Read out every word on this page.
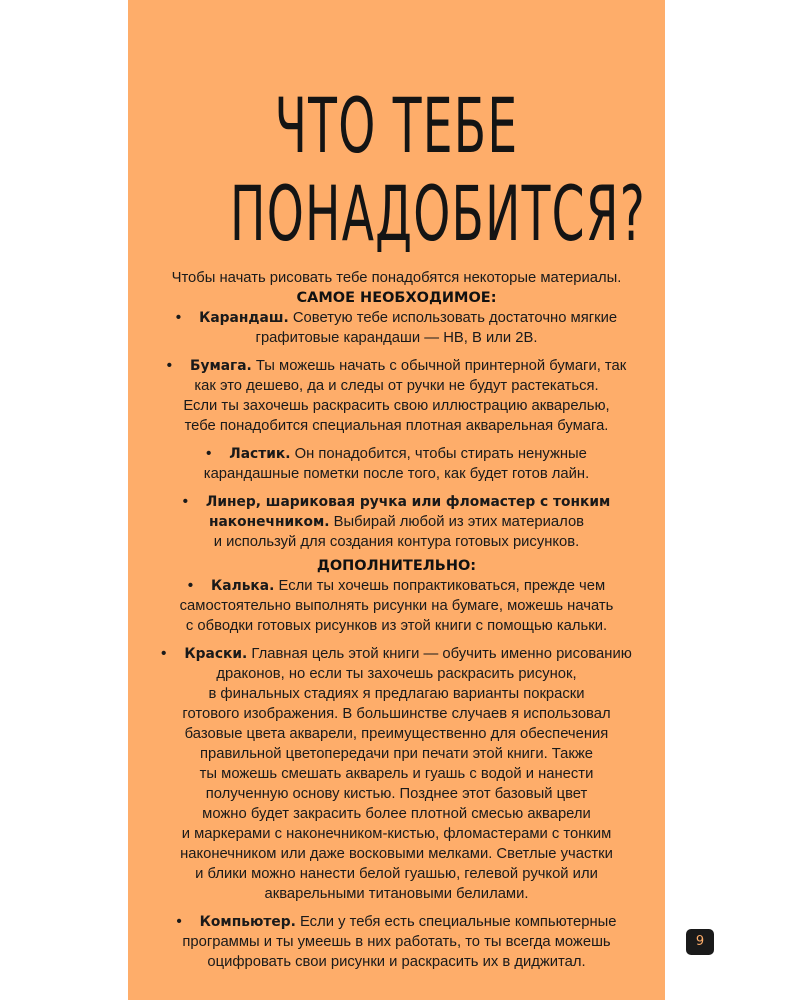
ЧТО ТЕБЕ
ПОНАДОБИТСЯ?

Чтобы начать рисовать тебе понадобятся некоторые материалы.

САМОЕ НЕОБХОДИМОЕ:

• Карандаш. Советую тебе использовать достаточно мягкие
графитовые карандаши — HB, B или 2B.
• Бумага. Ты можешь начать с обычной принтерной бумаги, так
как это дешево, да и следы от ручки не будут растекаться.
Если ты захочешь раскрасить свою иллюстрацию акварелью,
тебе понадобится специальная плотная акварельная бумага.
• Ластик. Он понадобится, чтобы стирать ненужные
карандашные пометки после того, как будет готов лайн.
• Линер, шариковая ручка или фломастер с тонким
наконечником. Выбирай любой из этих материалов
и используй для создания контура готовых рисунков.

ДОПОЛНИТЕЛЬНО:

• Калька. Если ты хочешь попрактиковаться, прежде чем
самостоятельно выполнять рисунки на бумаге, можешь начать
с обводки готовых рисунков из этой книги с помощью кальки.
• Краски. Главная цель этой книги — обучить именно рисованию
драконов, но если ты захочешь раскрасить рисунок,
в финальных стадиях я предлагаю варианты покраски
готового изображения. В большинстве случаев я использовал
базовые цвета акварели, преимущественно для обеспечения
правильной цветопередачи при печати этой книги. Также
ты можешь смешать акварель и гуашь с водой и нанести
полученную основу кистью. Позднее этот базовый цвет
можно будет закрасить более плотной смесью акварели
и маркерами с наконечником-кистью, фломастерами с тонким
наконечником или даже восковыми мелками. Светлые участки
и блики можно нанести белой гуашью, гелевой ручкой или
акварельными титановыми белилами.
• Компьютер. Если у тебя есть специальные компьютерные
программы и ты умеешь в них работать, то ты всегда можешь
оцифровать свои рисунки и раскрасить их в диджитал.
9
